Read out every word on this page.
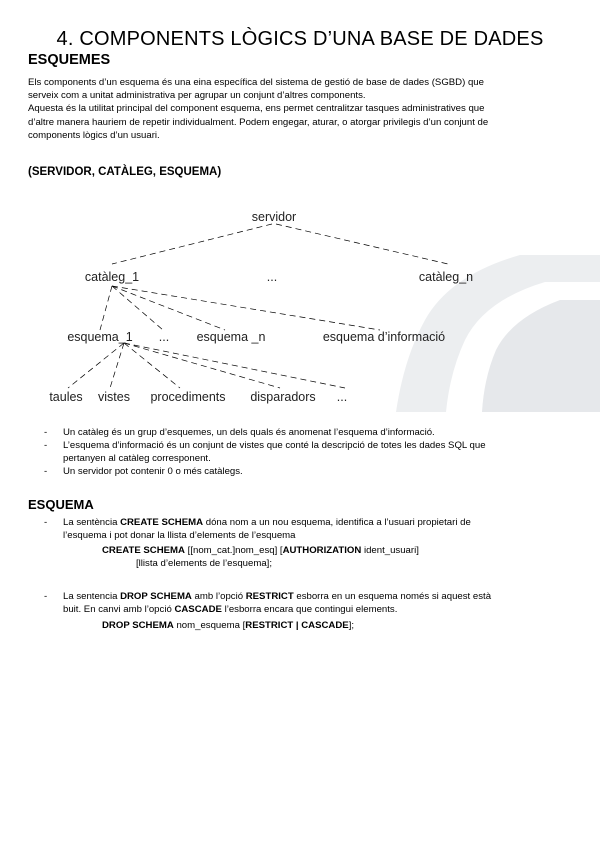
4. COMPONENTS LÒGICS D’UNA BASE DE DADES
ESQUEMES
Els components d’un esquema és una eina específica del sistema de gestió de base de dades (SGBD) que
serveix com a unitat administrativa per agrupar un conjunt d’altres components.
Aquesta és la utilitat principal del component esquema, ens permet centralitzar tasques administratives que
d’altre manera hauriem de repetir individualment. Podem engegar, aturar, o atorgar privilegis d’un conjunt de
components lògics d’un usuari.
(SERVIDOR, CATÀLEG, ESQUEMA)
servidor
catàleg_1	...	catàleg_n
esquema_1 ... esquema _n	esquema d’informació
taules vistes procediments disparadors ...
- Un catàleg és un grup d’esquemes, un dels quals és anomenat l’esquema d’informació.
- L’esquema d’informació és un conjunt de vistes que conté la descripció de totes les dades SQL que
pertanyen al catàleg corresponent.
- Un servidor pot contenir 0 o més catàlegs.
ESQUEMA
- La sentència CREATE SCHEMA dóna nom a un nou esquema, identifica a l’usuari propietari de
l’esquema i pot donar la llista d’elements de l’esquema
CREATE SCHEMA [[nom_cat.]nom_esq] [AUTHORIZATION ident_usuari]
[llista d’elements de l’esquema];
- La sentencia DROP SCHEMA amb l’opció RESTRICT esborra en un esquema només si aquest està
buit. En canvi amb l’opció CASCADE l’esborra encara que contingui elements.
DROP SCHEMA nom_esquema [RESTRICT | CASCADE];
